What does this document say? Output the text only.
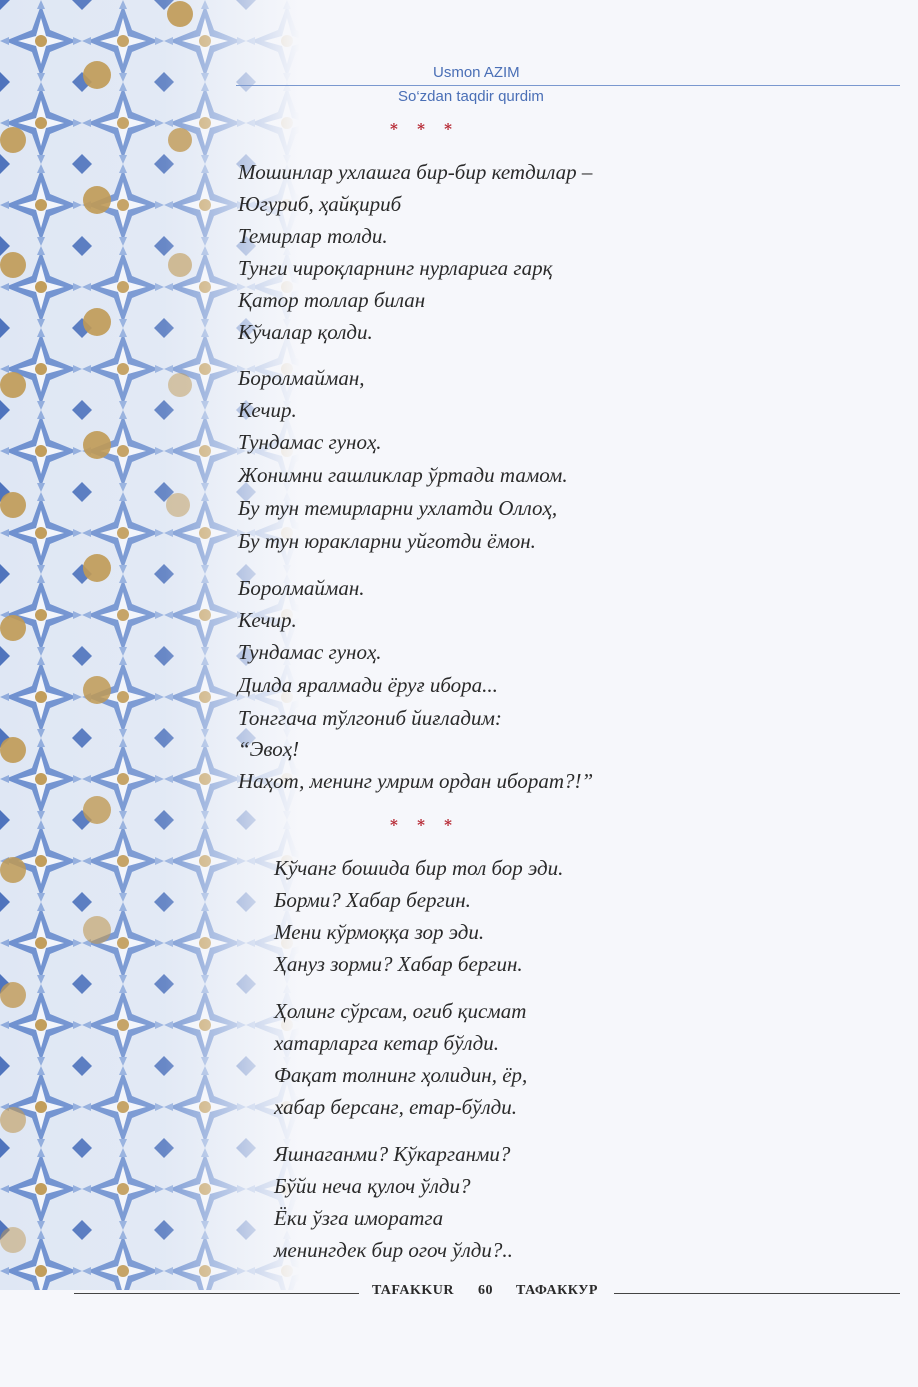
Usmon AZIM

So‘zdan taqdir qurdim

* * *

Мошинлар ухлашга бир-бир кетдилар –

Югуриб, ҳайқириб

Темирлар толди.

Тунги чироқларнинг нурларига гарқ

Қатор толлар билан

Кўчалар қолди.

Боролмайман,

Кечир.

Тундамас гуноҳ.

Жонимни гашликлар ўртади тамом.

Бу тун темирларни ухлатди Оллоҳ,

Бу тун юракларни уйготди ёмон.

Боролмайман.

Кечир.

Тундамас гуноҳ.

Дилда яралмади ёруғ ибора...

Тонггача тўлгониб йиғладим:

“Эвоҳ!

Наҳот, менинг умрим ордан иборат?!”

* * *

Кўчанг бошида бир тол бор эди.

Борми? Хабар бергин.

Мени кўрмоққа зор эди.

Ҳануз зорми? Хабар бергин.

Ҳолинг сўрсам, огиб қисмат

хатарларга кетар бўлди.

Фақат толнинг ҳолидин, ёр,

хабар берсанг, етар-бўлди.

Яшнаганми? Кўкарганми?

Бўйи неча қулоч ўлди?

Ёки ўзга иморатга

менингдек бир огоч ўлди?..

TAFAKKUR 60 ТАФАККУР
